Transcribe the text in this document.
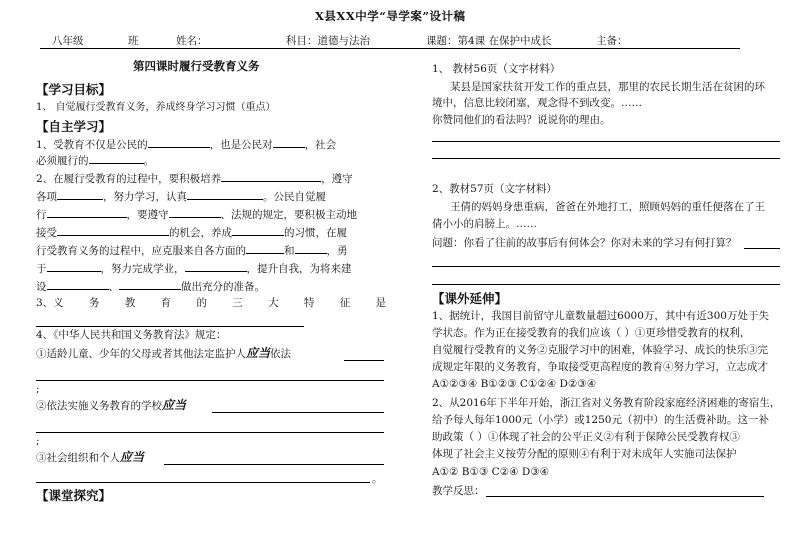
X县XX中学“导学案”设计稿
八年级	班	姓名：	科目：道德与法治	课题：第4课 在保护中成长	主备：
第四课时履行受教育义务
【学习目标】
1、 自觉履行受教育义务，养成终身学习习惯（重点）
【自主学习】
1、受教育不仅是公民的	，也是公民对	，社会
必须履行的	。
2、在履行受教育的过程中，要积极培养	，遵守
各项	，努力学习，认真	。公民自觉履
行	，要遵守	、法规的规定，要积极主动地
接受	的机会，养成	的习惯，在履
行受教育义务的过程中，应克服来自各方面的	和	，勇
于	，努力完成学业，	，提升自我，为将来建
设	、	做出充分的准备。
3、义 务 教 育 的 三 大 特 征 是
4、《中华人民共和国义务教育法》规定：
①适龄儿童、少年的父母或者其他法定监护人应当依法
;
②依法实施义务教育的学校应当
;
③社会组织和个人应当
。
【课堂探究】
1、 教材56页（文字材料）
某县是国家扶贫开发工作的重点县，那里的农民长期生活在贫困的环
境中，信息比较闭塞，观念得不到改变。……
你赞同他们的看法吗？说说你的理由。
2、教材57页（文字材料）
王倩的妈妈身患重病，爸爸在外地打工，照顾妈妈的重任便落在了王
倩小小的肩膀上。……
问题：你看了往前的故事后有何体会？你对未来的学习有何打算？
【课外延伸】
1、据统计，我国目前留守儿童数量超过6000万，其中有近300万处于失
学状态。作为正在接受教育的我们应该（ ）①更珍惜受教育的权利，
自觉履行受教育的义务②克服学习中的困难，体验学习、成长的快乐③完
成规定年限的义务教育，争取接受更高程度的教育④努力学习，立志成才
A①②③④ B①②③ C①②④ D②③④
2、从2016年下半年开始，浙江省对义务教育阶段家庭经济困难的寄宿生，
给予每人每年1000元（小学）或1250元（初中）的生活费补助。这一补
助政策（ ）①体现了社会的公平正义②有利于保障公民受教育权③
体现了社会主义按劳分配的原则④有利于对未成年人实施司法保护
A①② B①③ C②④ D③④
教学反思：
